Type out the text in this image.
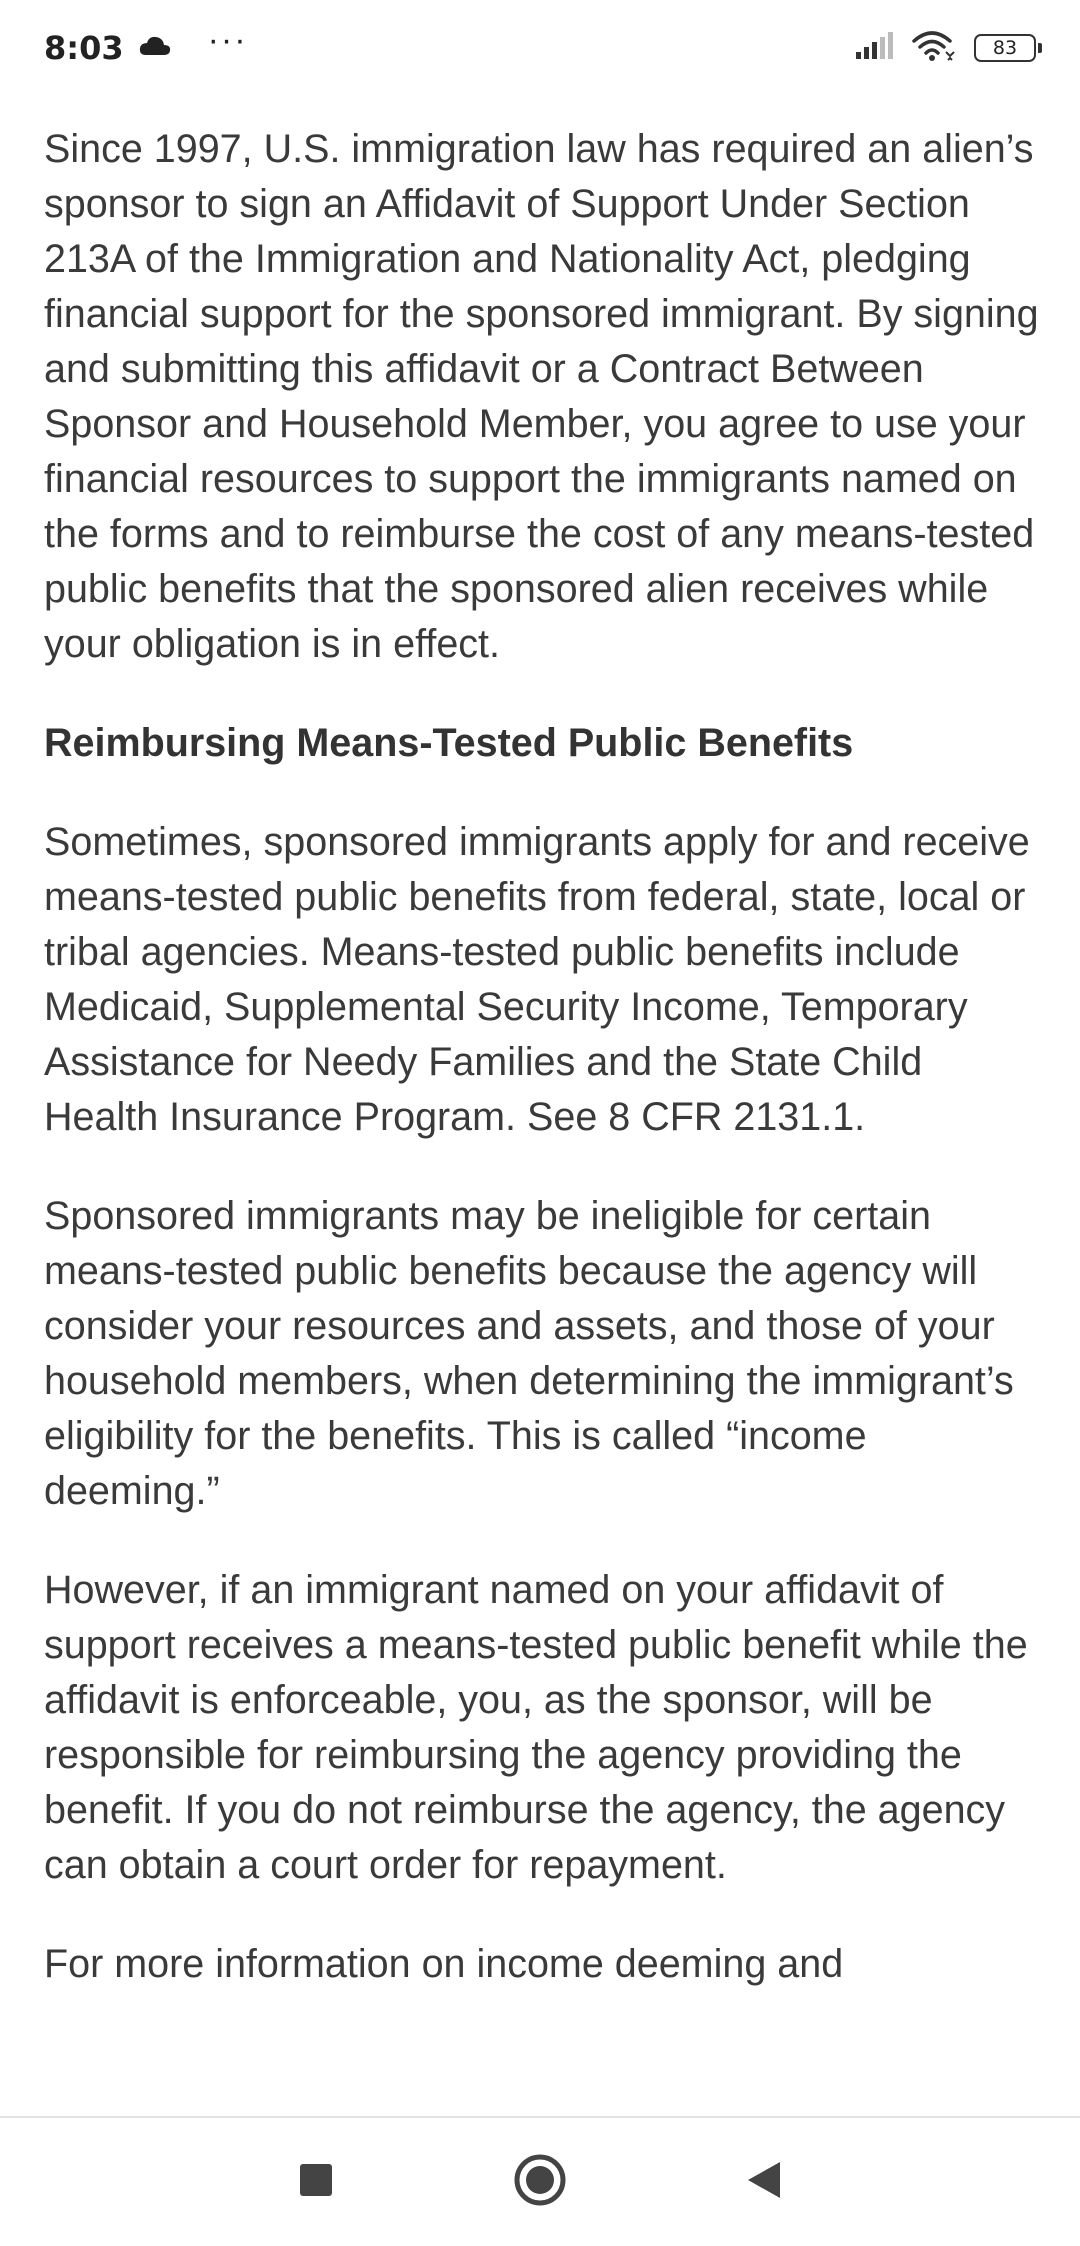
8:03 ···	83

Since 1997, U.S. immigration law has required an alien’s sponsor to sign an Affidavit of Support Under Section 213A of the Immigration and Nationality Act, pledging financial support for the sponsored immigrant. By signing and submitting this affidavit or a Contract Between Sponsor and Household Member, you agree to use your financial resources to support the immigrants named on the forms and to reimburse the cost of any means-tested public benefits that the sponsored alien receives while your obligation is in effect.

Reimbursing Means-Tested Public Benefits

Sometimes, sponsored immigrants apply for and receive means-tested public benefits from federal, state, local or tribal agencies. Means-tested public benefits include Medicaid, Supplemental Security Income, Temporary Assistance for Needy Families and the State Child Health Insurance Program. See 8 CFR 2131.1.

Sponsored immigrants may be ineligible for certain means-tested public benefits because the agency will consider your resources and assets, and those of your household members, when determining the immigrant’s eligibility for the benefits. This is called “income deeming.”

However, if an immigrant named on your affidavit of support receives a means-tested public benefit while the affidavit is enforceable, you, as the sponsor, will be responsible for reimbursing the agency providing the benefit. If you do not reimburse the agency, the agency can obtain a court order for repayment.

For more information on income deeming and
